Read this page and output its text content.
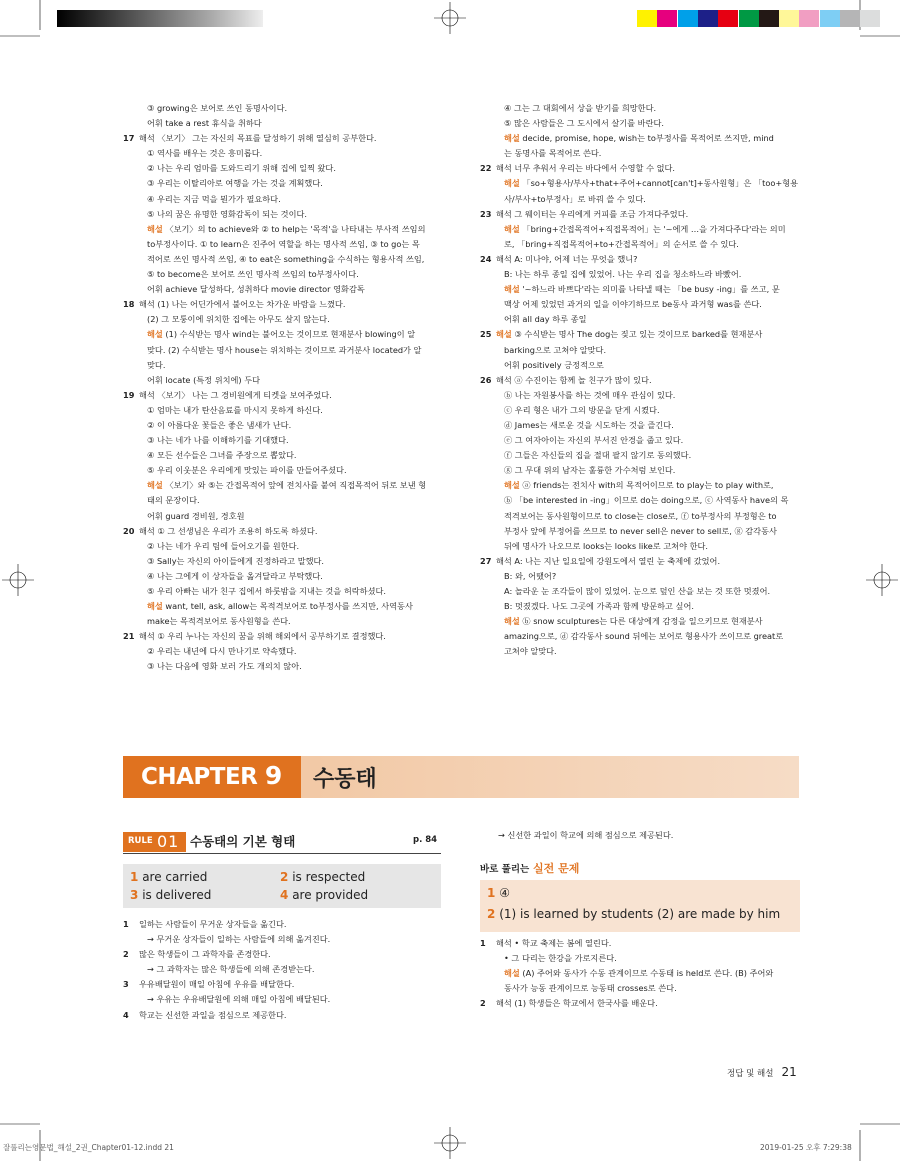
③ growing은 보어로 쓰인 동명사이다.
어휘 take a rest 휴식을 취하다
17 해석 〈보기〉 그는 자신의 목표를 달성하기 위해 열심히 공부한다.
① 역사를 배우는 것은 흥미롭다.
② 나는 우리 엄마를 도와드리기 위해 집에 일찍 왔다.
③ 우리는 이탈리아로 여행을 가는 것을 계획했다.
④ 우리는 지금 먹을 뭔가가 필요하다.
⑤ 나의 꿈은 유명한 영화감독이 되는 것이다.
해설 〈보기〉의 to achieve와 ② to help는 '목적'을 나타내는 부사적 쓰임의
to부정사이다. ① to learn은 진주어 역할을 하는 명사적 쓰임, ③ to go는 목
적어로 쓰인 명사적 쓰임, ④ to eat은 something을 수식하는 형용사적 쓰임,
⑤ to become은 보어로 쓰인 명사적 쓰임의 to부정사이다.
어휘 achieve 달성하다, 성취하다 movie director 영화감독
18 해석 (1) 나는 어딘가에서 불어오는 차가운 바람을 느꼈다.
(2) 그 모퉁이에 위치한 집에는 아무도 살지 않는다.
해설 (1) 수식받는 명사 wind는 불어오는 것이므로 현재분사 blowing이 알
맞다. (2) 수식받는 명사 house는 위치하는 것이므로 과거분사 located가 알
맞다.
어휘 locate (특정 위치에) 두다
19 해석 〈보기〉 나는 그 경비원에게 티켓을 보여주었다.
① 엄마는 내가 탄산음료를 마시지 못하게 하신다.
② 이 아름다운 꽃들은 좋은 냄새가 난다.
③ 나는 네가 나를 이해하기를 기대했다.
④ 모든 선수들은 그녀를 주장으로 뽑았다.
⑤ 우리 이웃분은 우리에게 맛있는 파이를 만들어주셨다.
해설 〈보기〉와 ⑤는 간접목적어 앞에 전치사를 붙여 직접목적어 뒤로 보낸 형
태의 문장이다.
어휘 guard 경비원, 경호원
20 해석 ① 그 선생님은 우리가 조용히 하도록 하셨다.
② 나는 네가 우리 팀에 들어오기를 원한다.
③ Sally는 자신의 아이들에게 진정하라고 말했다.
④ 나는 그에게 이 상자들을 옮겨달라고 부탁했다.
⑤ 우리 아빠는 내가 친구 집에서 하룻밤을 지내는 것을 허락하셨다.
해설 want, tell, ask, allow는 목적격보어로 to부정사를 쓰지만, 사역동사
make는 목적격보어로 동사원형을 쓴다.
21 해석 ① 우리 누나는 자신의 꿈을 위해 해외에서 공부하기로 결정했다.
② 우리는 내년에 다시 만나기로 약속했다.
③ 나는 다음에 영화 보러 가도 개의치 않아.
④ 그는 그 대회에서 상을 받기를 희망한다.
⑤ 많은 사람들은 그 도시에서 살기를 바란다.
해설 decide, promise, hope, wish는 to부정사를 목적어로 쓰지만, mind
는 동명사를 목적어로 쓴다.
22 해석 너무 추워서 우리는 바다에서 수영할 수 없다.
해설 「so+형용사/부사+that+주어+cannot[can't]+동사원형」은 「too+형용
사/부사+to부정사」로 바꿔 쓸 수 있다.
23 해석 그 웨이터는 우리에게 커피를 조금 가져다주었다.
해설 「bring+간접목적어+직접목적어」는 '~에게 …을 가져다주다'라는 의미
로, 「bring+직접목적어+to+간접목적어」의 순서로 쓸 수 있다.
24 해석 A: 미나야, 어제 너는 무엇을 했니?
B: 나는 하루 종일 집에 있었어. 나는 우리 집을 청소하느라 바빴어.
해설 '~하느라 바쁘다'라는 의미를 나타낼 때는 「be busy -ing」를 쓰고, 문
맥상 어제 있었던 과거의 일을 이야기하므로 be동사 과거형 was를 쓴다.
어휘 all day 하루 종일
25 해설 ③ 수식받는 명사 The dog는 짖고 있는 것이므로 barked를 현재분사
barking으로 고쳐야 알맞다.
어휘 positively 긍정적으로
26 해석 ⓐ 수진이는 함께 놀 친구가 많이 있다.
ⓑ 나는 자원봉사를 하는 것에 매우 관심이 있다.
ⓒ 우리 형은 내가 그의 방문을 닫게 시켰다.
ⓓ James는 새로운 것을 시도하는 것을 즐긴다.
ⓔ 그 여자아이는 자신의 부서진 안경을 줍고 있다.
ⓕ 그들은 자신들의 집을 절대 팔지 않기로 동의했다.
ⓖ 그 무대 위의 남자는 훌륭한 가수처럼 보인다.
해설 ⓐ friends는 전치사 with의 목적어이므로 to play는 to play with로,
ⓑ 「be interested in -ing」이므로 do는 doing으로, ⓒ 사역동사 have의 목
적격보어는 동사원형이므로 to close는 close로, ⓕ to부정사의 부정형은 to
부정사 앞에 부정어를 쓰므로 to never sell은 never to sell로, ⓖ 감각동사
뒤에 명사가 나오므로 looks는 looks like로 고쳐야 한다.
27 해석 A: 나는 지난 일요일에 강원도에서 열린 눈 축제에 갔었어.
B: 와, 어땠어?
A: 놀라운 눈 조각들이 많이 있었어. 눈으로 덮인 산을 보는 것 또한 멋졌어.
B: 멋졌겠다. 나도 그곳에 가족과 함께 방문하고 싶어.
해설 ⓑ snow sculptures는 다른 대상에게 감정을 일으키므로 현재분사
amazing으로, ⓓ 감각동사 sound 뒤에는 보어로 형용사가 쓰이므로 great로
고쳐야 알맞다.
CHAPTER 9 수동태
RULE 01 수동태의 기본 형태	p. 84
1 are carried	2 is respected
3 is delivered	4 are provided
1 일하는 사람들이 무거운 상자들을 옮긴다.
→ 무거운 상자들이 일하는 사람들에 의해 옮겨진다.
2 많은 학생들이 그 과학자를 존경한다.
→ 그 과학자는 많은 학생들에 의해 존경받는다.
3 우유배달원이 매일 아침에 우유를 배달한다.
→ 우유는 우유배달원에 의해 매일 아침에 배달된다.
4 학교는 신선한 과일을 점심으로 제공한다.
→ 신선한 과일이 학교에 의해 점심으로 제공된다.
바로 풀리는 실전 문제
1 ④
2 (1) is learned by students (2) are made by him
1 해석 • 학교 축제는 봄에 열린다.
• 그 다리는 한강을 가로지른다.
해설 (A) 주어와 동사가 수동 관계이므로 수동태 is held로 쓴다. (B) 주어와
동사가 능동 관계이므로 능동태 crosses로 쓴다.
2 해석 (1) 학생들은 학교에서 한국사를 배운다.
정답 및 해설 21
잘풀리는영문법_해설_2권_Chapter01-12.indd 21	2019-01-25 오후 7:29:38
